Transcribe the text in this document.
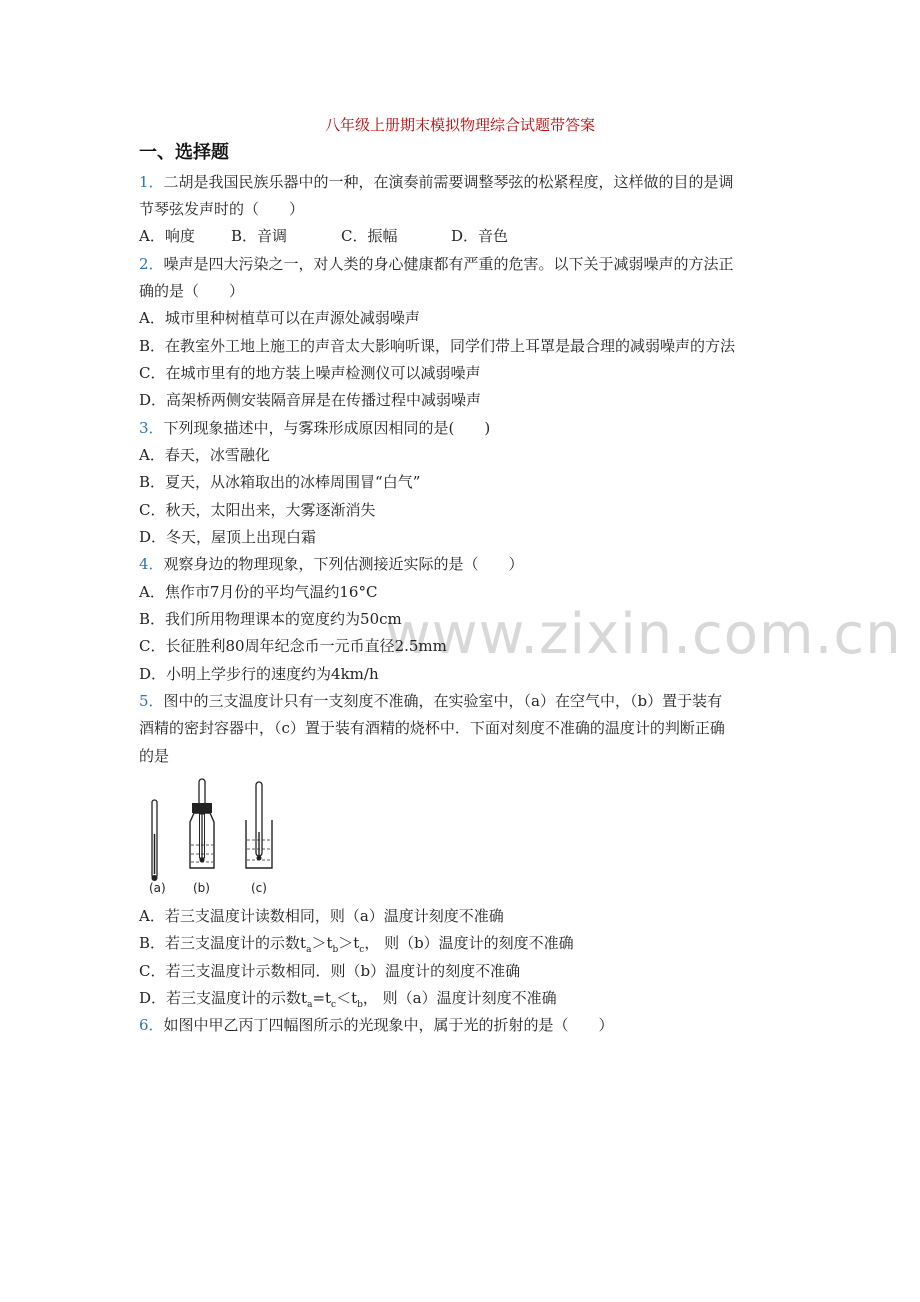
www.zixin.com.cn
八年级上册期末模拟物理综合试题带答案
一、选择题
1．二胡是我国民族乐器中的一种，在演奏前需要调整琴弦的松紧程度，这样做的目的是调
节琴弦发声时的（　　）
A．响度 B．音调	C．振幅	D．音色
2．噪声是四大污染之一，对人类的身心健康都有严重的危害。以下关于减弱噪声的方法正
确的是（　　）
A．城市里种树植草可以在声源处减弱噪声
B．在教室外工地上施工的声音太大影响听课，同学们带上耳罩是最合理的减弱噪声的方法
C．在城市里有的地方装上噪声检测仪可以减弱噪声
D．高架桥两侧安装隔音屏是在传播过程中减弱噪声
3．下列现象描述中，与雾珠形成原因相同的是(　　)
A．春天，冰雪融化
B．夏天，从冰箱取出的冰棒周围冒“白气”
C．秋天，太阳出来，大雾逐渐消失
D．冬天，屋顶上出现白霜
4．观察身边的物理现象，下列估测接近实际的是（　　）
A．焦作市7月份的平均气温约16°C
B．我们所用物理课本的宽度约为50cm
C．长征胜利80周年纪念币一元币直径2.5mm
D．小明上学步行的速度约为4km/h
5．图中的三支温度计只有一支刻度不准确，在实验室中，（a）在空气中，（b）置于装有
酒精的密封容器中，（c）置于装有酒精的烧杯中．下面对刻度不准确的温度计的判断正确
的是
(a) (b)	(c)
A．若三支温度计读数相同，则（a）温度计刻度不准确
B．若三支温度计的示数$t_a>t_b>t_c$， 则（b）温度计的刻度不准确
C．若三支温度计示数相同．则（b）温度计的刻度不准确
D．若三支温度计的示数$t_a=t_c<t_b$， 则（a）温度计刻度不准确
6．如图中甲乙丙丁四幅图所示的光现象中，属于光的折射的是（　　）
